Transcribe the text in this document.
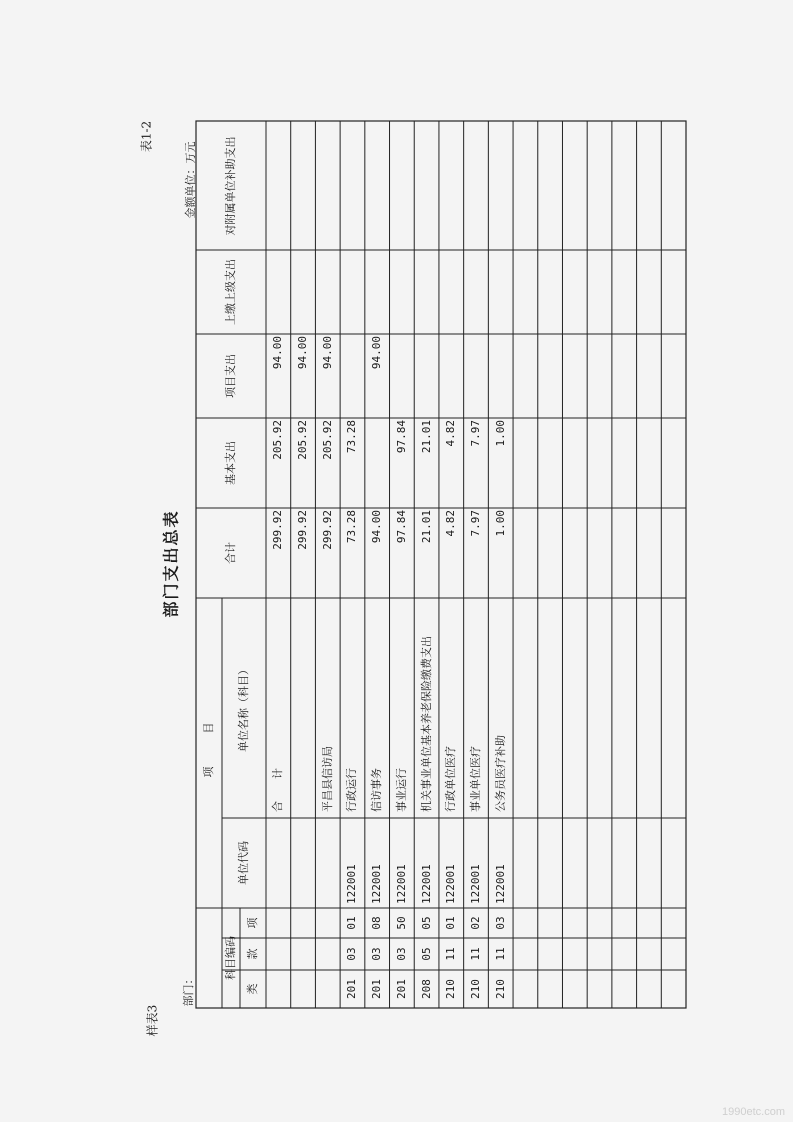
样表3
表1-2
部门支出总表
部门：
金额单位：万元 对附属单位补助支出
上缴上级支出
项目支出
基本支出
合计
项　　　目 单位名称（科目）
单位代码
科目编码
类
款
项
合　　计
299.92
205.92
94.00
299.92
205.92
94.00
平昌县信访局
299.92
205.92
94.00
201
03
01
122001
行政运行
73.28
73.28
201
03
08
122001
信访事务
94.00
94.00
201
03
50
122001
事业运行
97.84
97.84
208
05
05
122001
机关事业单位基本养老保险缴费支出
21.01
21.01
210
11
01
122001
行政单位医疗
4.82
4.82
210
11
02
122001
事业单位医疗
7.97
7.97
210
11
03
122001
公务员医疗补助
1.00
1.00
1990etc.com
